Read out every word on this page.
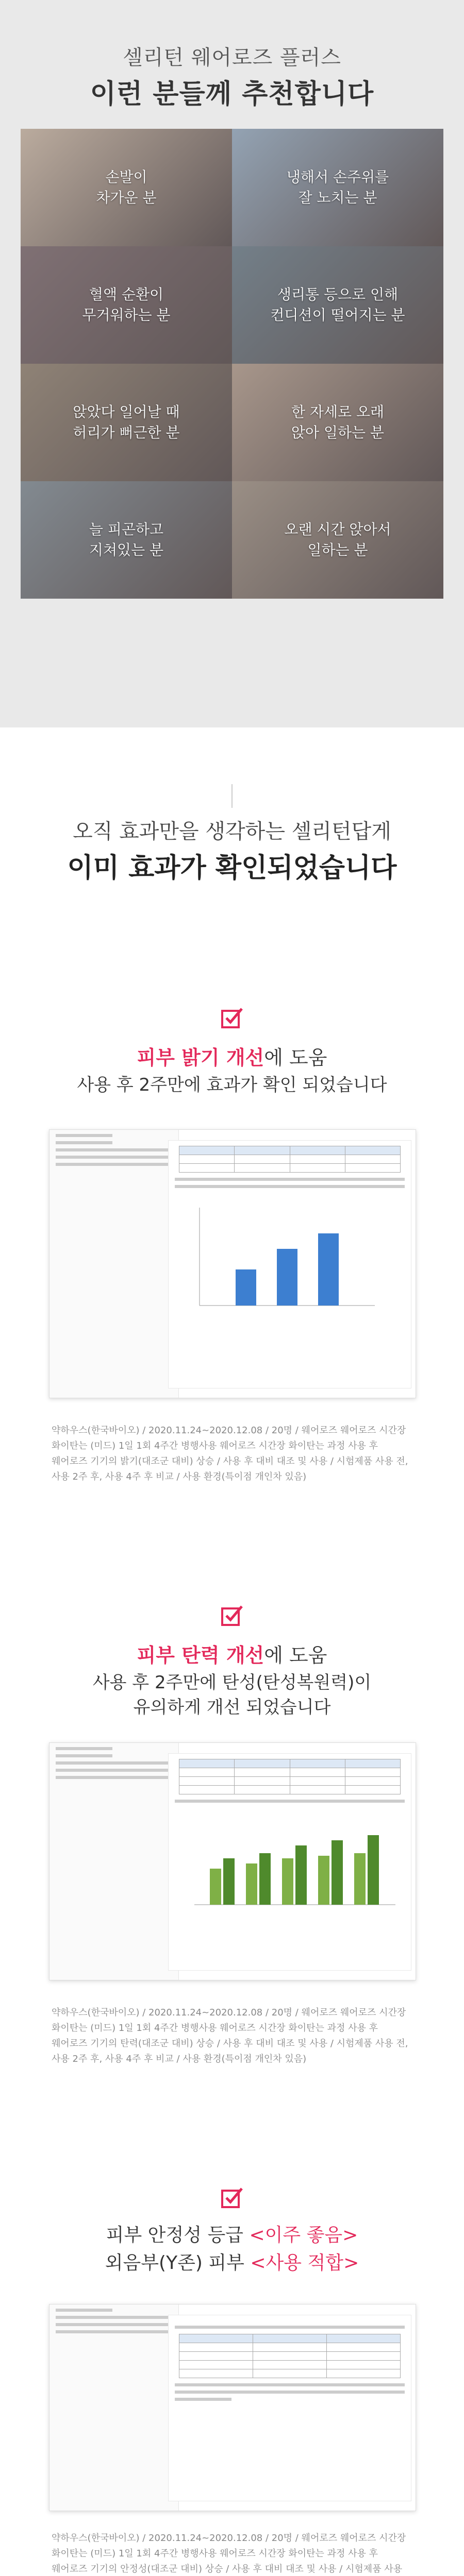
셀리턴 웨어로즈 플러스
이런 분들께 추천합니다
손발이
차가운 분
냉해서 손주위를
잘 노치는 분
혈액 순환이
무거워하는 분
생리통 등으로 인해
컨디션이 떨어지는 분
앉았다 일어날 때
허리가 뻐근한 분
한 자세로 오래
앉아 일하는 분
늘 피곤하고
지쳐있는 분
오랜 시간 앉아서
일하는 분
오직 효과만을 생각하는 셀리턴답게
이미 효과가 확인되었습니다
피부 밝기 개선에 도움
사용 후 2주만에 효과가 확인 되었습니다

약하우스(한국바이오) / 2020.11.24~2020.12.08 / 20명 / 웨어로즈 웨어로즈 시간장
화이탄는 (미드) 1일 1회 4주간 병행사용 웨어로즈 시간장 화이탄는 과정 사용 후
웨어로즈 기기의 밝기(대조군 대비) 상승 / 사용 후 대비 대조 및 사용 / 시험제품 사용 전,
사용 2주 후, 사용 4주 후 비교 / 사용 환경(특이점 개인차 있음)
피부 탄력 개선에 도움
사용 후 2주만에 탄성(탄성복원력)이
유의하게 개선 되었습니다

약하우스(한국바이오) / 2020.11.24~2020.12.08 / 20명 / 웨어로즈 웨어로즈 시간장
화이탄는 (미드) 1일 1회 4주간 병행사용 웨어로즈 시간장 화이탄는 과정 사용 후
웨어로즈 기기의 탄력(대조군 대비) 상승 / 사용 후 대비 대조 및 사용 / 시험제품 사용 전,
사용 2주 후, 사용 4주 후 비교 / 사용 환경(특이점 개인차 있음)
피부 안정성 등급 <이주 좋음>
외음부(Y존) 피부 <사용 적합>

약하우스(한국바이오) / 2020.11.24~2020.12.08 / 20명 / 웨어로즈 웨어로즈 시간장
화이탄는 (미드) 1일 1회 4주간 병행사용 웨어로즈 시간장 화이탄는 과정 사용 후
웨어로즈 기기의 안정성(대조군 대비) 상승 / 사용 후 대비 대조 및 사용 / 시험제품 사용
